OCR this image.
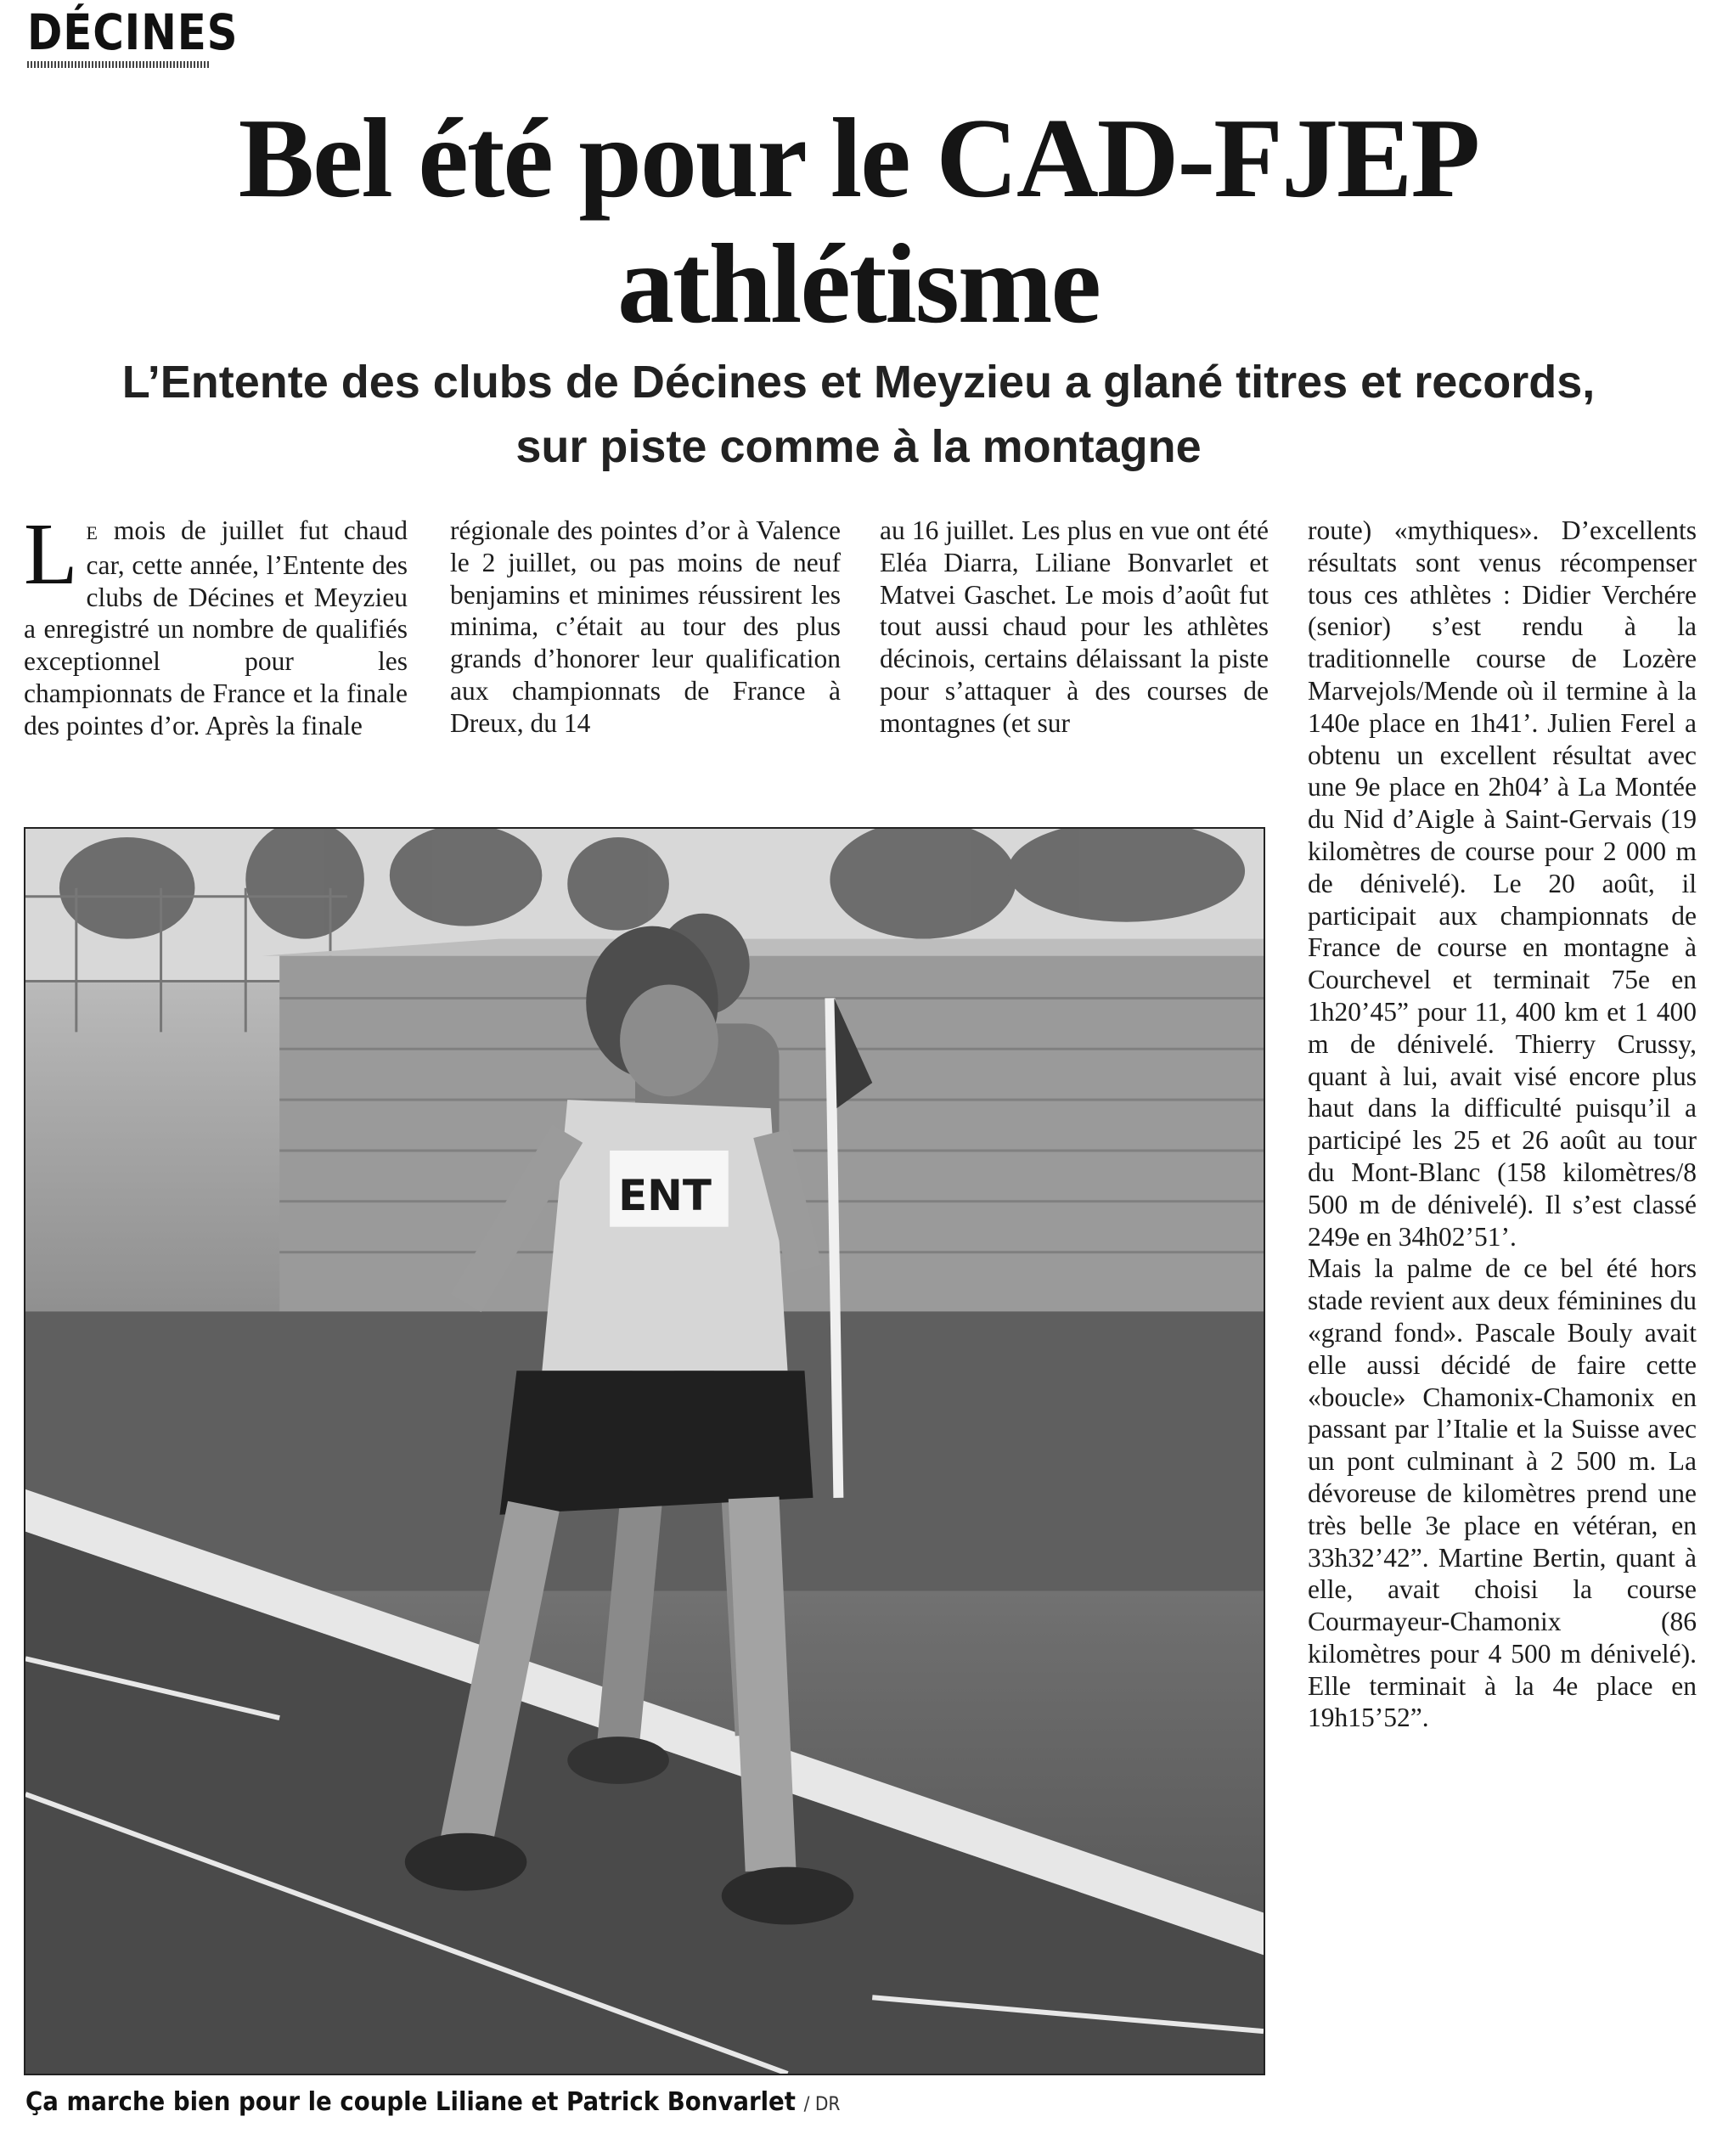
DÉCINES
Bel été pour le CAD-FJEP
athlétisme
L’Entente des clubs de Décines et Meyzieu a glané titres et records,
sur piste comme à la montagne

L E mois de juillet fut chaud car, cette année, l’Entente des clubs de Décines et Meyzieu a enregistré un nombre de qualifiés exceptionnel pour les championnats de France et la finale des pointes d’or. Après la finale

régionale des pointes d’or à Valence le 2 juillet, ou pas moins de neuf benjamins et minimes réussirent les minima, c’était au tour des plus grands d’honorer leur qualification aux championnats de France à Dreux, du 14

au 16 juillet. Les plus en vue ont été Eléa Diarra, Liliane Bonvarlet et Matvei Gaschet. Le mois d’août fut tout aussi chaud pour les athlètes décinois, certains délaissant la piste pour s’attaquer à des courses de montagnes (et sur

route) «mythiques». D’excellents résultats sont venus récompenser tous ces athlètes : Didier Verchére (senior) s’est rendu à la traditionnelle course de Lozère Marvejols/Mende où il termine à la 140e place en 1h41’. Julien Ferel a obtenu un excellent résultat avec une 9e place en 2h04’ à La Montée du Nid d’Aigle à Saint-Gervais (19 kilomètres de course pour 2 000 m de dénivelé). Le 20 août, il participait aux championnats de France de course en montagne à Courchevel et terminait 75e en 1h20’45” pour 11, 400 km et 1 400 m de dénivelé. Thierry Crussy, quant à lui, avait visé encore plus haut dans la difficulté puisqu’il a participé les 25 et 26 août au tour du Mont-Blanc (158 kilomètres/8 500 m de dénivelé). Il s’est classé 249e en 34h02’51’.

Mais la palme de ce bel été hors stade revient aux deux féminines du «grand fond». Pascale Bouly avait elle aussi décidé de faire cette «boucle» Chamonix-Chamonix en passant par l’Italie et la Suisse avec un pont culminant à 2 500 m. La dévoreuse de kilomètres prend une très belle 3e place en vétéran, en 33h32’42”. Martine Bertin, quant à elle, avait choisi la course Courmayeur-Chamonix (86 kilomètres pour 4 500 m dénivelé). Elle terminait à la 4e place en 19h15’52”.

ENT
Ça marche bien pour le couple Liliane et Patrick Bonvarlet / DR
